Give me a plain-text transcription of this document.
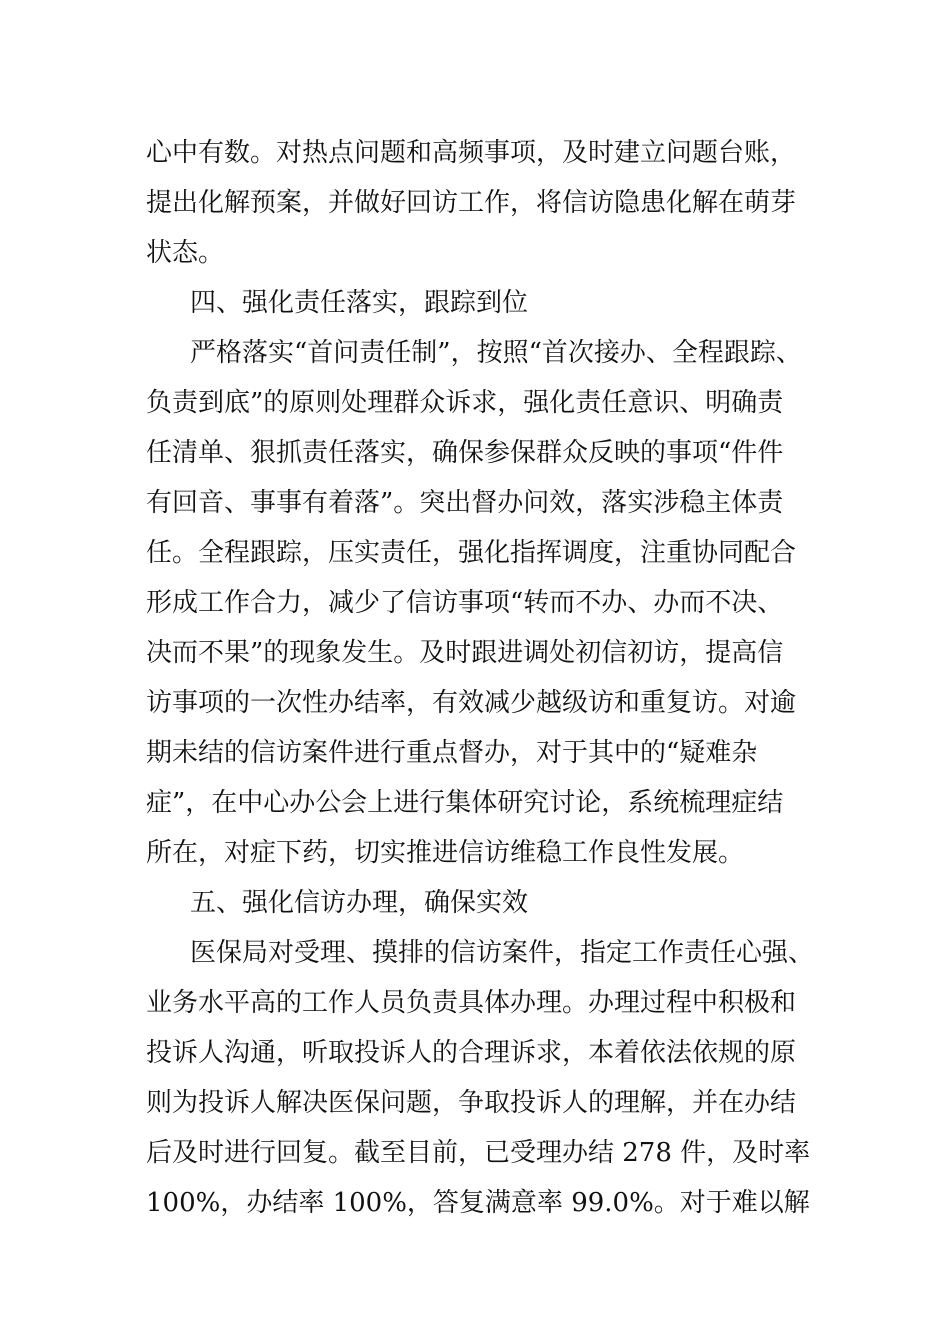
心中有数。对热点问题和高频事项，及时建立问题台账，
提出化解预案，并做好回访工作，将信访隐患化解在萌芽
状态。
四、强化责任落实，跟踪到位
严格落实“首问责任制”，按照“首次接办、全程跟踪、
负责到底”的原则处理群众诉求，强化责任意识、明确责
任清单、狠抓责任落实，确保参保群众反映的事项“件件
有回音、事事有着落”。突出督办问效，落实涉稳主体责
任。全程跟踪，压实责任，强化指挥调度，注重协同配合
形成工作合力，减少了信访事项“转而不办、办而不决、
决而不果”的现象发生。及时跟进调处初信初访，提高信
访事项的一次性办结率，有效减少越级访和重复访。对逾
期未结的信访案件进行重点督办，对于其中的“疑难杂
症”，在中心办公会上进行集体研究讨论，系统梳理症结
所在，对症下药，切实推进信访维稳工作良性发展。
五、强化信访办理，确保实效
医保局对受理、摸排的信访案件，指定工作责任心强、
业务水平高的工作人员负责具体办理。办理过程中积极和
投诉人沟通，听取投诉人的合理诉求，本着依法依规的原
则为投诉人解决医保问题，争取投诉人的理解，并在办结
后及时进行回复。截至目前，已受理办结 278 件，及时率
100%，办结率 100%，答复满意率 99.0%。对于难以解
